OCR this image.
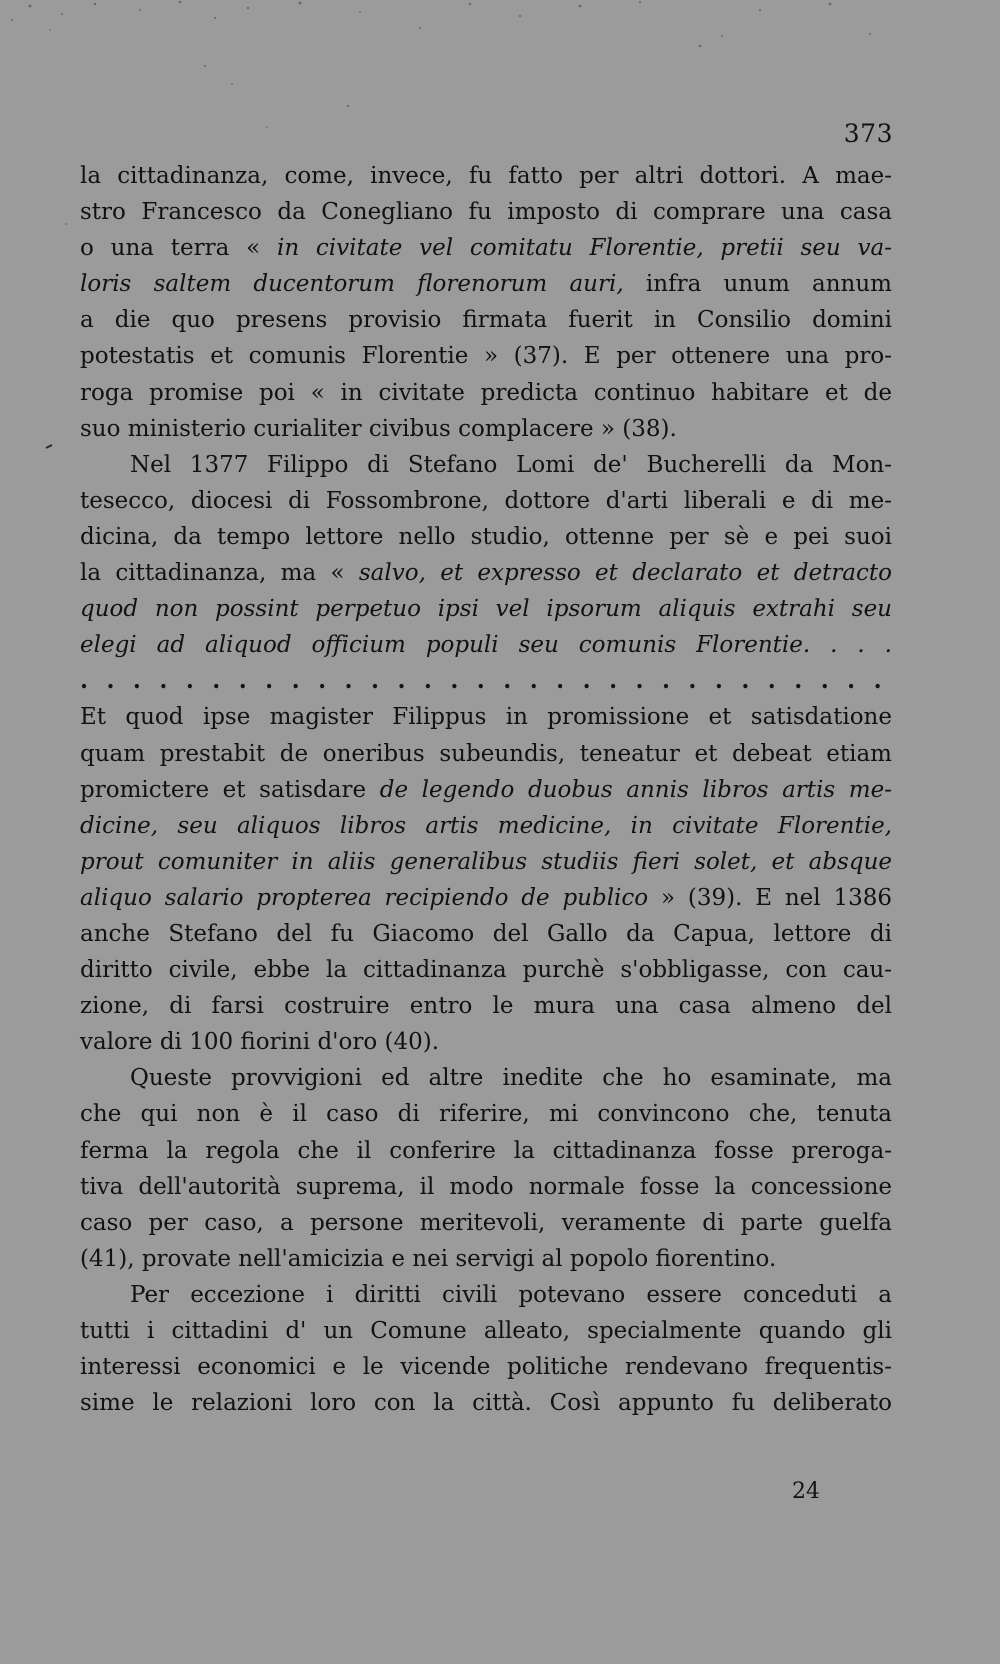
373
la cittadinanza, come, invece, fu fatto per altri dottori. A mae-
stro Francesco da Conegliano fu imposto di comprare una casa
o una terra « in civitate vel comitatu Florentie, pretii seu va-
loris saltem ducentorum florenorum auri, infra unum annum
a die quo presens provisio firmata fuerit in Consilio domini
potestatis et comunis Florentie » (37). E per ottenere una pro-
roga promise poi « in civitate predicta continuo habitare et de
suo ministerio curialiter civibus complacere » (38).
Nel 1377 Filippo di Stefano Lomi de' Bucherelli da Mon-
tesecco, diocesi di Fossombrone, dottore d'arti liberali e di me-
dicina, da tempo lettore nello studio, ottenne per sè e pei suoi
la cittadinanza, ma « salvo, et expresso et declarato et detracto
quod non possint perpetuo ipsi vel ipsorum aliquis extrahi seu
elegi ad aliquod officium populi seu comunis Florentie. . . .
. . . . . . . . . . . . . . . . . . . . . . . . . . . . . . .
Et quod ipse magister Filippus in promissione et satisdatione
quam prestabit de oneribus subeundis, teneatur et debeat etiam
promictere et satisdare de legendo duobus annis libros artis me-
dicine, seu aliquos libros artis medicine, in civitate Florentie,
prout comuniter in aliis generalibus studiis fieri solet, et absque
aliquo salario propterea recipiendo de publico » (39). E nel 1386
anche Stefano del fu Giacomo del Gallo da Capua, lettore di
diritto civile, ebbe la cittadinanza purchè s'obbligasse, con cau-
zione, di farsi costruire entro le mura una casa almeno del
valore di 100 fiorini d'oro (40).
Queste provvigioni ed altre inedite che ho esaminate, ma
che qui non è il caso di riferire, mi convincono che, tenuta
ferma la regola che il conferire la cittadinanza fosse preroga-
tiva dell'autorità suprema, il modo normale fosse la concessione
caso per caso, a persone meritevoli, veramente di parte guelfa
(41), provate nell'amicizia e nei servigi al popolo fiorentino.
Per eccezione i diritti civili potevano essere conceduti a
tutti i cittadini d' un Comune alleato, specialmente quando gli
interessi economici e le vicende politiche rendevano frequentis-
sime le relazioni loro con la città. Così appunto fu deliberato
24
